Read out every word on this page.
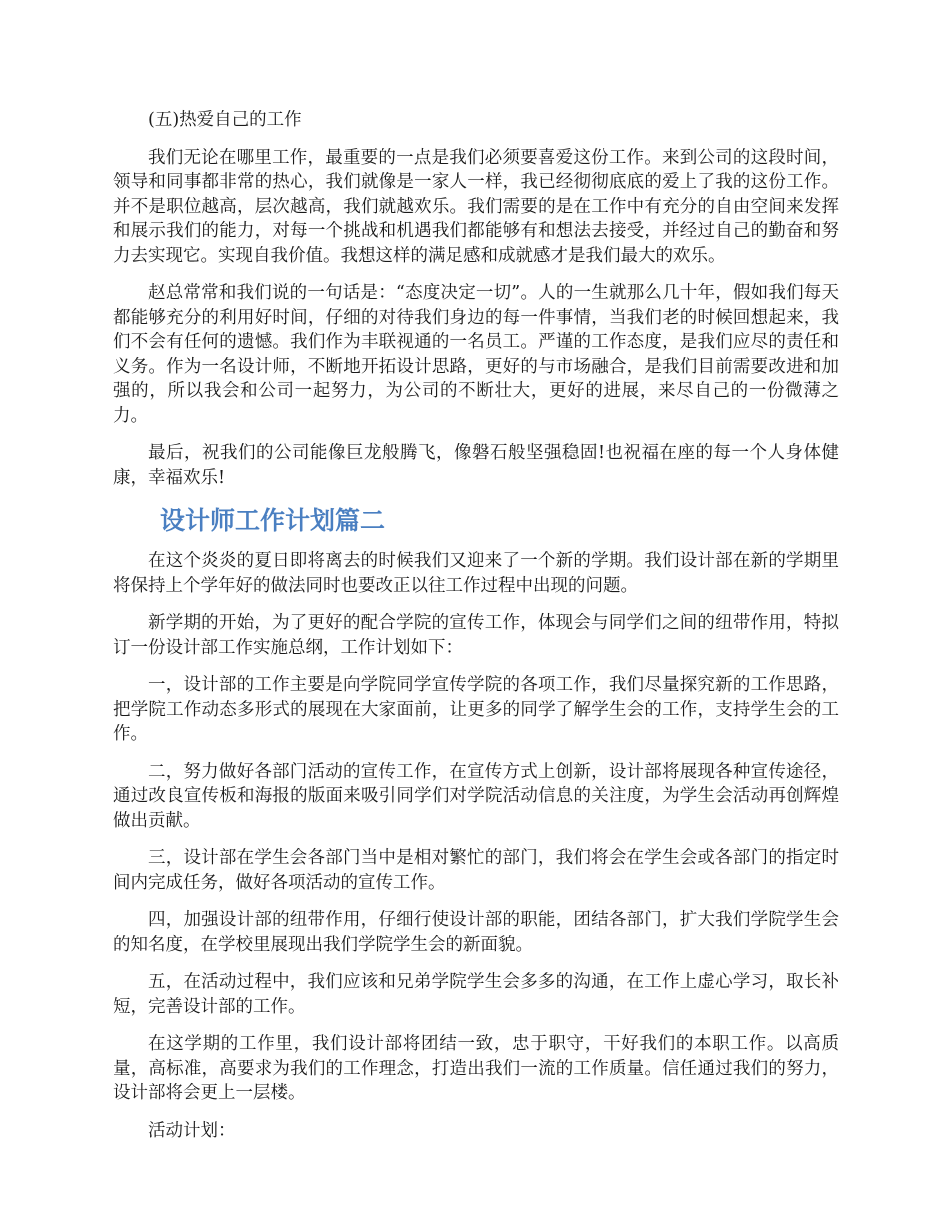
(五)热爱自己的工作

我们无论在哪里工作，最重要的一点是我们必须要喜爱这份工作。来到公司的这段时间，领导和同事都非常的热心，我们就像是一家人一样，我已经彻彻底底的爱上了我的这份工作。并不是职位越高，层次越高，我们就越欢乐。我们需要的是在工作中有充分的自由空间来发挥和展示我们的能力，对每一个挑战和机遇我们都能够有和想法去接受，并经过自己的勤奋和努力去实现它。实现自我价值。我想这样的满足感和成就感才是我们最大的欢乐。

赵总常常和我们说的一句话是：“态度决定一切”。人的一生就那么几十年，假如我们每天都能够充分的利用好时间，仔细的对待我们身边的每一件事情，当我们老的时候回想起来，我们不会有任何的遗憾。我们作为丰联视通的一名员工。严谨的工作态度，是我们应尽的责任和义务。作为一名设计师，不断地开拓设计思路，更好的与市场融合，是我们目前需要改进和加强的，所以我会和公司一起努力，为公司的不断壮大，更好的进展，来尽自己的一份微薄之力。

最后，祝我们的公司能像巨龙般腾飞，像磐石般坚强稳固!也祝福在座的每一个人身体健康，幸福欢乐!

设计师工作计划篇二

在这个炎炎的夏日即将离去的时候我们又迎来了一个新的学期。我们设计部在新的学期里将保持上个学年好的做法同时也要改正以往工作过程中出现的问题。

新学期的开始，为了更好的配合学院的宣传工作，体现会与同学们之间的纽带作用，特拟订一份设计部工作实施总纲，工作计划如下：

一，设计部的工作主要是向学院同学宣传学院的各项工作，我们尽量探究新的工作思路，把学院工作动态多形式的展现在大家面前，让更多的同学了解学生会的工作，支持学生会的工作。

二，努力做好各部门活动的宣传工作，在宣传方式上创新，设计部将展现各种宣传途径，通过改良宣传板和海报的版面来吸引同学们对学院活动信息的关注度，为学生会活动再创辉煌做出贡献。

三，设计部在学生会各部门当中是相对繁忙的部门，我们将会在学生会或各部门的指定时间内完成任务，做好各项活动的宣传工作。

四，加强设计部的纽带作用，仔细行使设计部的职能，团结各部门，扩大我们学院学生会的知名度，在学校里展现出我们学院学生会的新面貌。

五，在活动过程中，我们应该和兄弟学院学生会多多的沟通，在工作上虚心学习，取长补短，完善设计部的工作。

在这学期的工作里，我们设计部将团结一致，忠于职守，干好我们的本职工作。以高质量，高标准，高要求为我们的工作理念，打造出我们一流的工作质量。信任通过我们的努力，设计部将会更上一层楼。

活动计划：
